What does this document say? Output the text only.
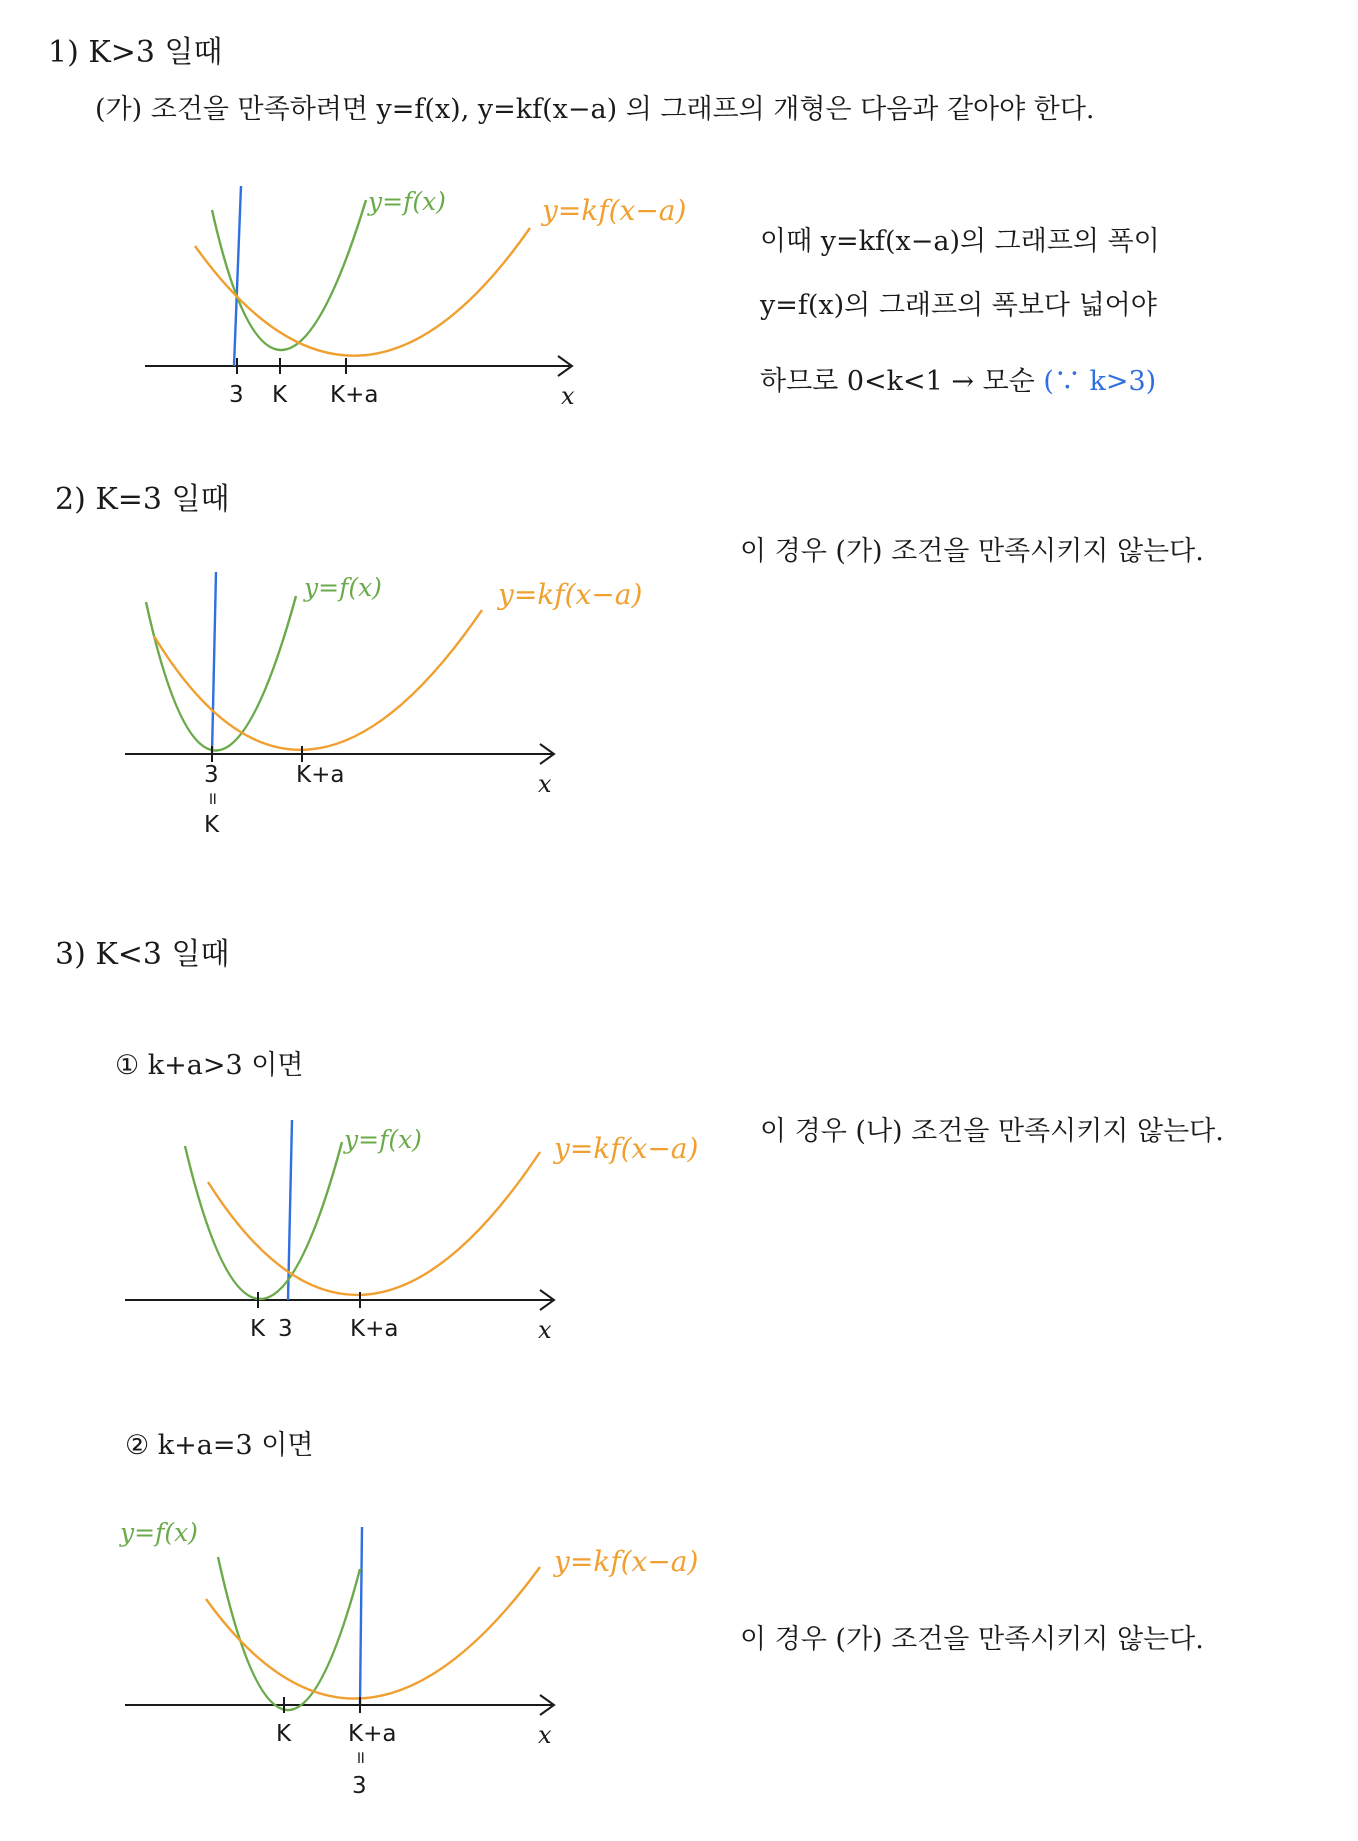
1) K>3 일때
(가) 조건을 만족하려면 y=f(x), y=kf(x−a) 의 그래프의 개형은 다음과 같아야 한다.
3 K K+a	x
y=f(x)	y=kf(x−a)
이때 y=kf(x−a)의 그래프의 폭이
y=f(x)의 그래프의 폭보다 넓어야
하므로 0<k<1 → 모순 (∵ k>3)
2) K=3 일때
3
॥
K
K+a	x
y=f(x)	y=kf(x−a)
이 경우 (가) 조건을 만족시키지 않는다.
3) K<3 일때
① k+a>3 이면
K 3 K+a	x
y=f(x)	y=kf(x−a)
이 경우 (나) 조건을 만족시키지 않는다.
② k+a=3 이면
K K+a
॥
3
x
y=f(x)
y=kf(x−a)
이 경우 (가) 조건을 만족시키지 않는다.
